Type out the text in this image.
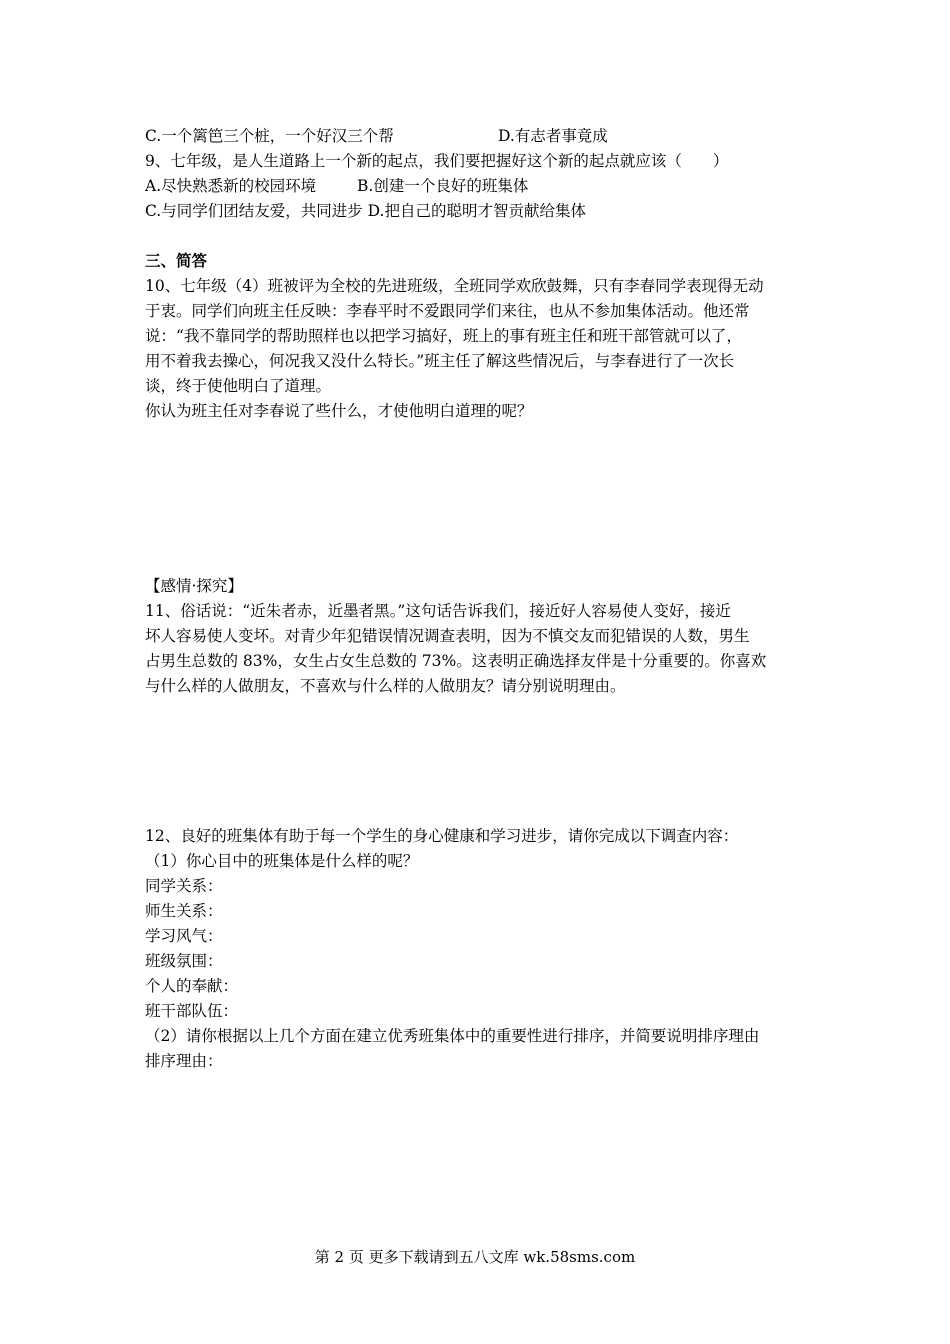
C.一个篱笆三个桩，一个好汉三个帮	D.有志者事竟成
9、七年级，是人生道路上一个新的起点，我们要把握好这个新的起点就应该（　　）
A.尽快熟悉新的校园环境	B.创建一个良好的班集体
C.与同学们团结友爱，共同进步 D.把自己的聪明才智贡献给集体
三、简答
10、七年级（4）班被评为全校的先进班级，全班同学欢欣鼓舞，只有李春同学表现得无动
于衷。同学们向班主任反映：李春平时不爱跟同学们来往，也从不参加集体活动。他还常
说：“我不靠同学的帮助照样也以把学习搞好，班上的事有班主任和班干部管就可以了，
用不着我去操心，何况我又没什么特长。”班主任了解这些情况后，与李春进行了一次长
谈，终于使他明白了道理。
你认为班主任对李春说了些什么，才使他明白道理的呢？
【感情·探究】
11、俗话说：“近朱者赤，近墨者黑。”这句话告诉我们，接近好人容易使人变好，接近
坏人容易使人变坏。对青少年犯错误情况调查表明，因为不慎交友而犯错误的人数，男生
占男生总数的 83%，女生占女生总数的 73%。这表明正确选择友伴是十分重要的。你喜欢
与什么样的人做朋友，不喜欢与什么样的人做朋友？请分别说明理由。
12、良好的班集体有助于每一个学生的身心健康和学习进步，请你完成以下调查内容：
（1）你心目中的班集体是什么样的呢？
同学关系：
师生关系：
学习风气：
班级氛围：
个人的奉献：
班干部队伍：
（2）请你根据以上几个方面在建立优秀班集体中的重要性进行排序，并简要说明排序理由
排序理由：
第 2 页 更多下载请到五八文库 wk.58sms.com
